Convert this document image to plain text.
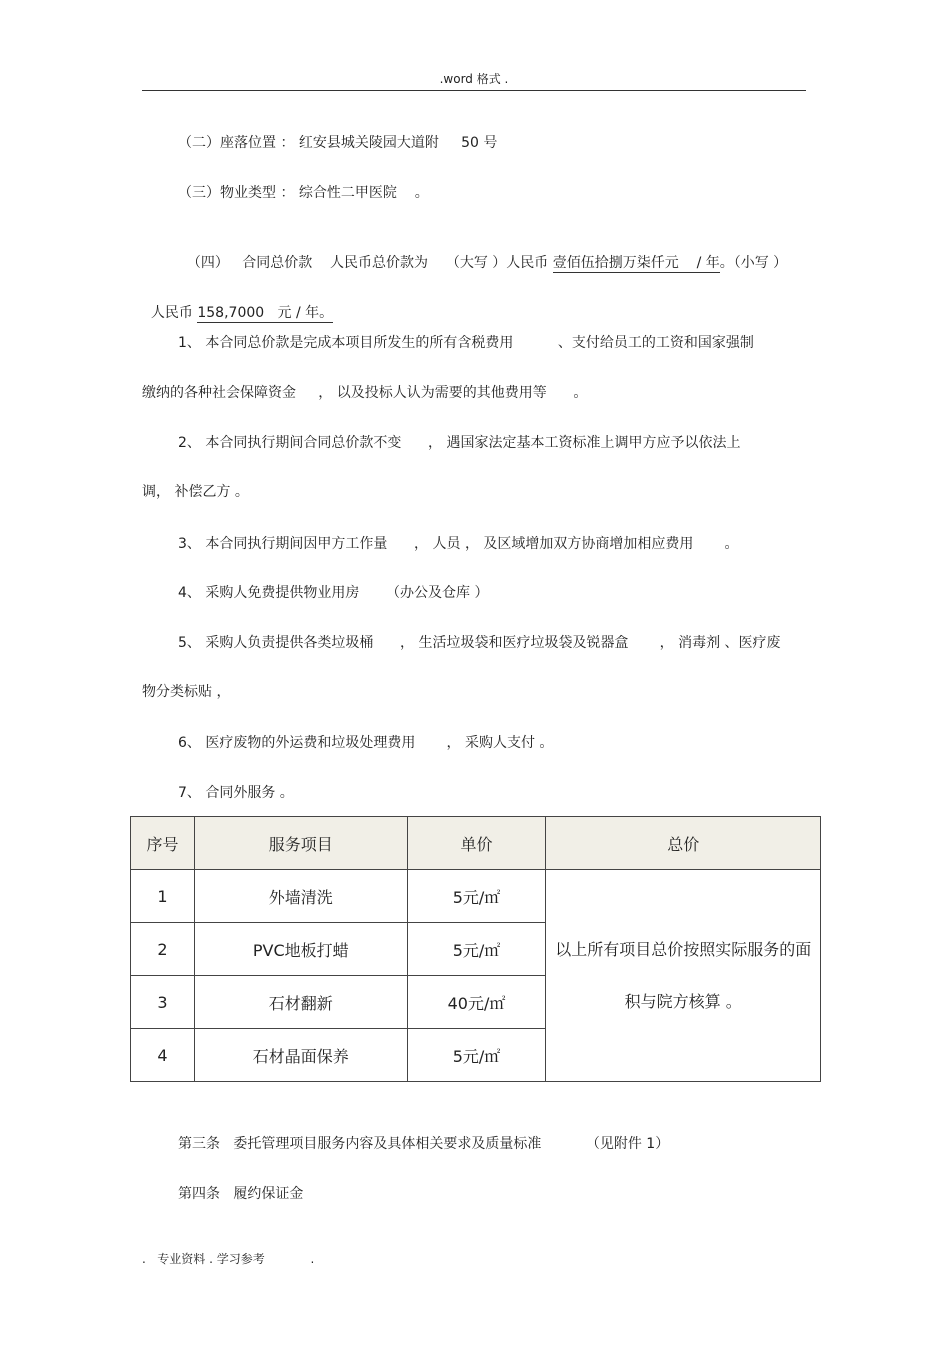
.word 格式 .
（二）座落位置 ： 红安县城关陵园大道附     50 号
（三）物业类型 ： 综合性二甲医院    。

（四）   合同总价款    人民币总价款为    （大写 ）人民币 壹佰伍拾捌万柒仟元    / 年。（小写 ）

人民币 158,7000   元 / 年。

1、 本合同总价款是完成本项目所发生的所有含税费用          、支付给员工的工资和国家强制
缴纳的各种社会保障资金     ， 以及投标人认为需要的其他费用等      。
2、 本合同执行期间合同总价款不变      ， 遇国家法定基本工资标准上调甲方应予以依法上
调， 补偿乙方 。
3、 本合同执行期间因甲方工作量      ， 人员 ， 及区域增加双方协商增加相应费用       。
4、 采购人免费提供物业用房      （办公及仓库 ）
5、 采购人负责提供各类垃圾桶      ， 生活垃圾袋和医疗垃圾袋及锐器盒       ， 消毒剂 、医疗废
物分类标贴 ，
6、 医疗废物的外运费和垃圾处理费用       ， 采购人支付 。
7、 合同外服务 。
序号	服务项目	单价	总价
1	外墙清洗	5元/㎡	以上所有项目总价按照实际服务的面积与院方核算 。
2	PVC地板打蜡	5元/㎡	
3	石材翻新	40元/㎡	
4	石材晶面保养	5元/㎡	
第三条   委托管理项目服务内容及具体相关要求及质量标准          （见附件 1）
第四条   履约保证金
.   专业资料 . 学习参考            .
